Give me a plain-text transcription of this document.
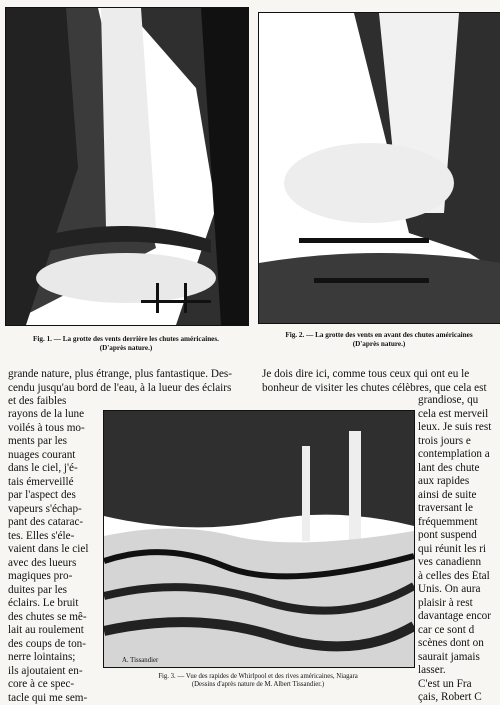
Fig. 1. — La grotte des vents derrière les chutes américaines.
(D'après nature.)
Fig. 2. — La grotte des vents en avant des chutes américaines
(D'après nature.)
grande nature, plus étrange, plus fantastique. Des-
cendu jusqu'au bord de l'eau, à la lueur des éclairs
et des faibles
Je dois dire ici, comme tous ceux qui ont eu le
bonheur de visiter les chutes célèbres, que cela est
rayons de la lune
voilés à tous mo-
ments par les
nuages courant
dans le ciel, j'é-
tais émerveillé
par l'aspect des
vapeurs s'échap-
pant des catarac-
tes. Elles s'éle-
vaient dans le ciel
avec des lueurs
magiques pro-
duites par les
éclairs. Le bruit
des chutes se mê-
lait au roulement
des coups de ton-
nerre lointains;
ils ajoutaient en-
core à ce spec-
tacle qui me sem-
A. Tissandier
Fig. 3. — Vue des rapides de Whirlpool et des rives américaines, Niagara
(Dessins d'après nature de M. Albert Tissandier.)
grandiose, qu
cela est merveil
leux. Je suis rest
trois jours e
contemplation a
lant des chute
aux rapides
ainsi de suite
traversant le
fréquemment
pont suspend
qui réunit les ri
ves canadienn
à celles des Étal
Unis. On aura
plaisir à rest
davantage encor
car ce sont d
scènes dont on
saurait jamais
lasser.
C'est un Fra
çais, Robert C
